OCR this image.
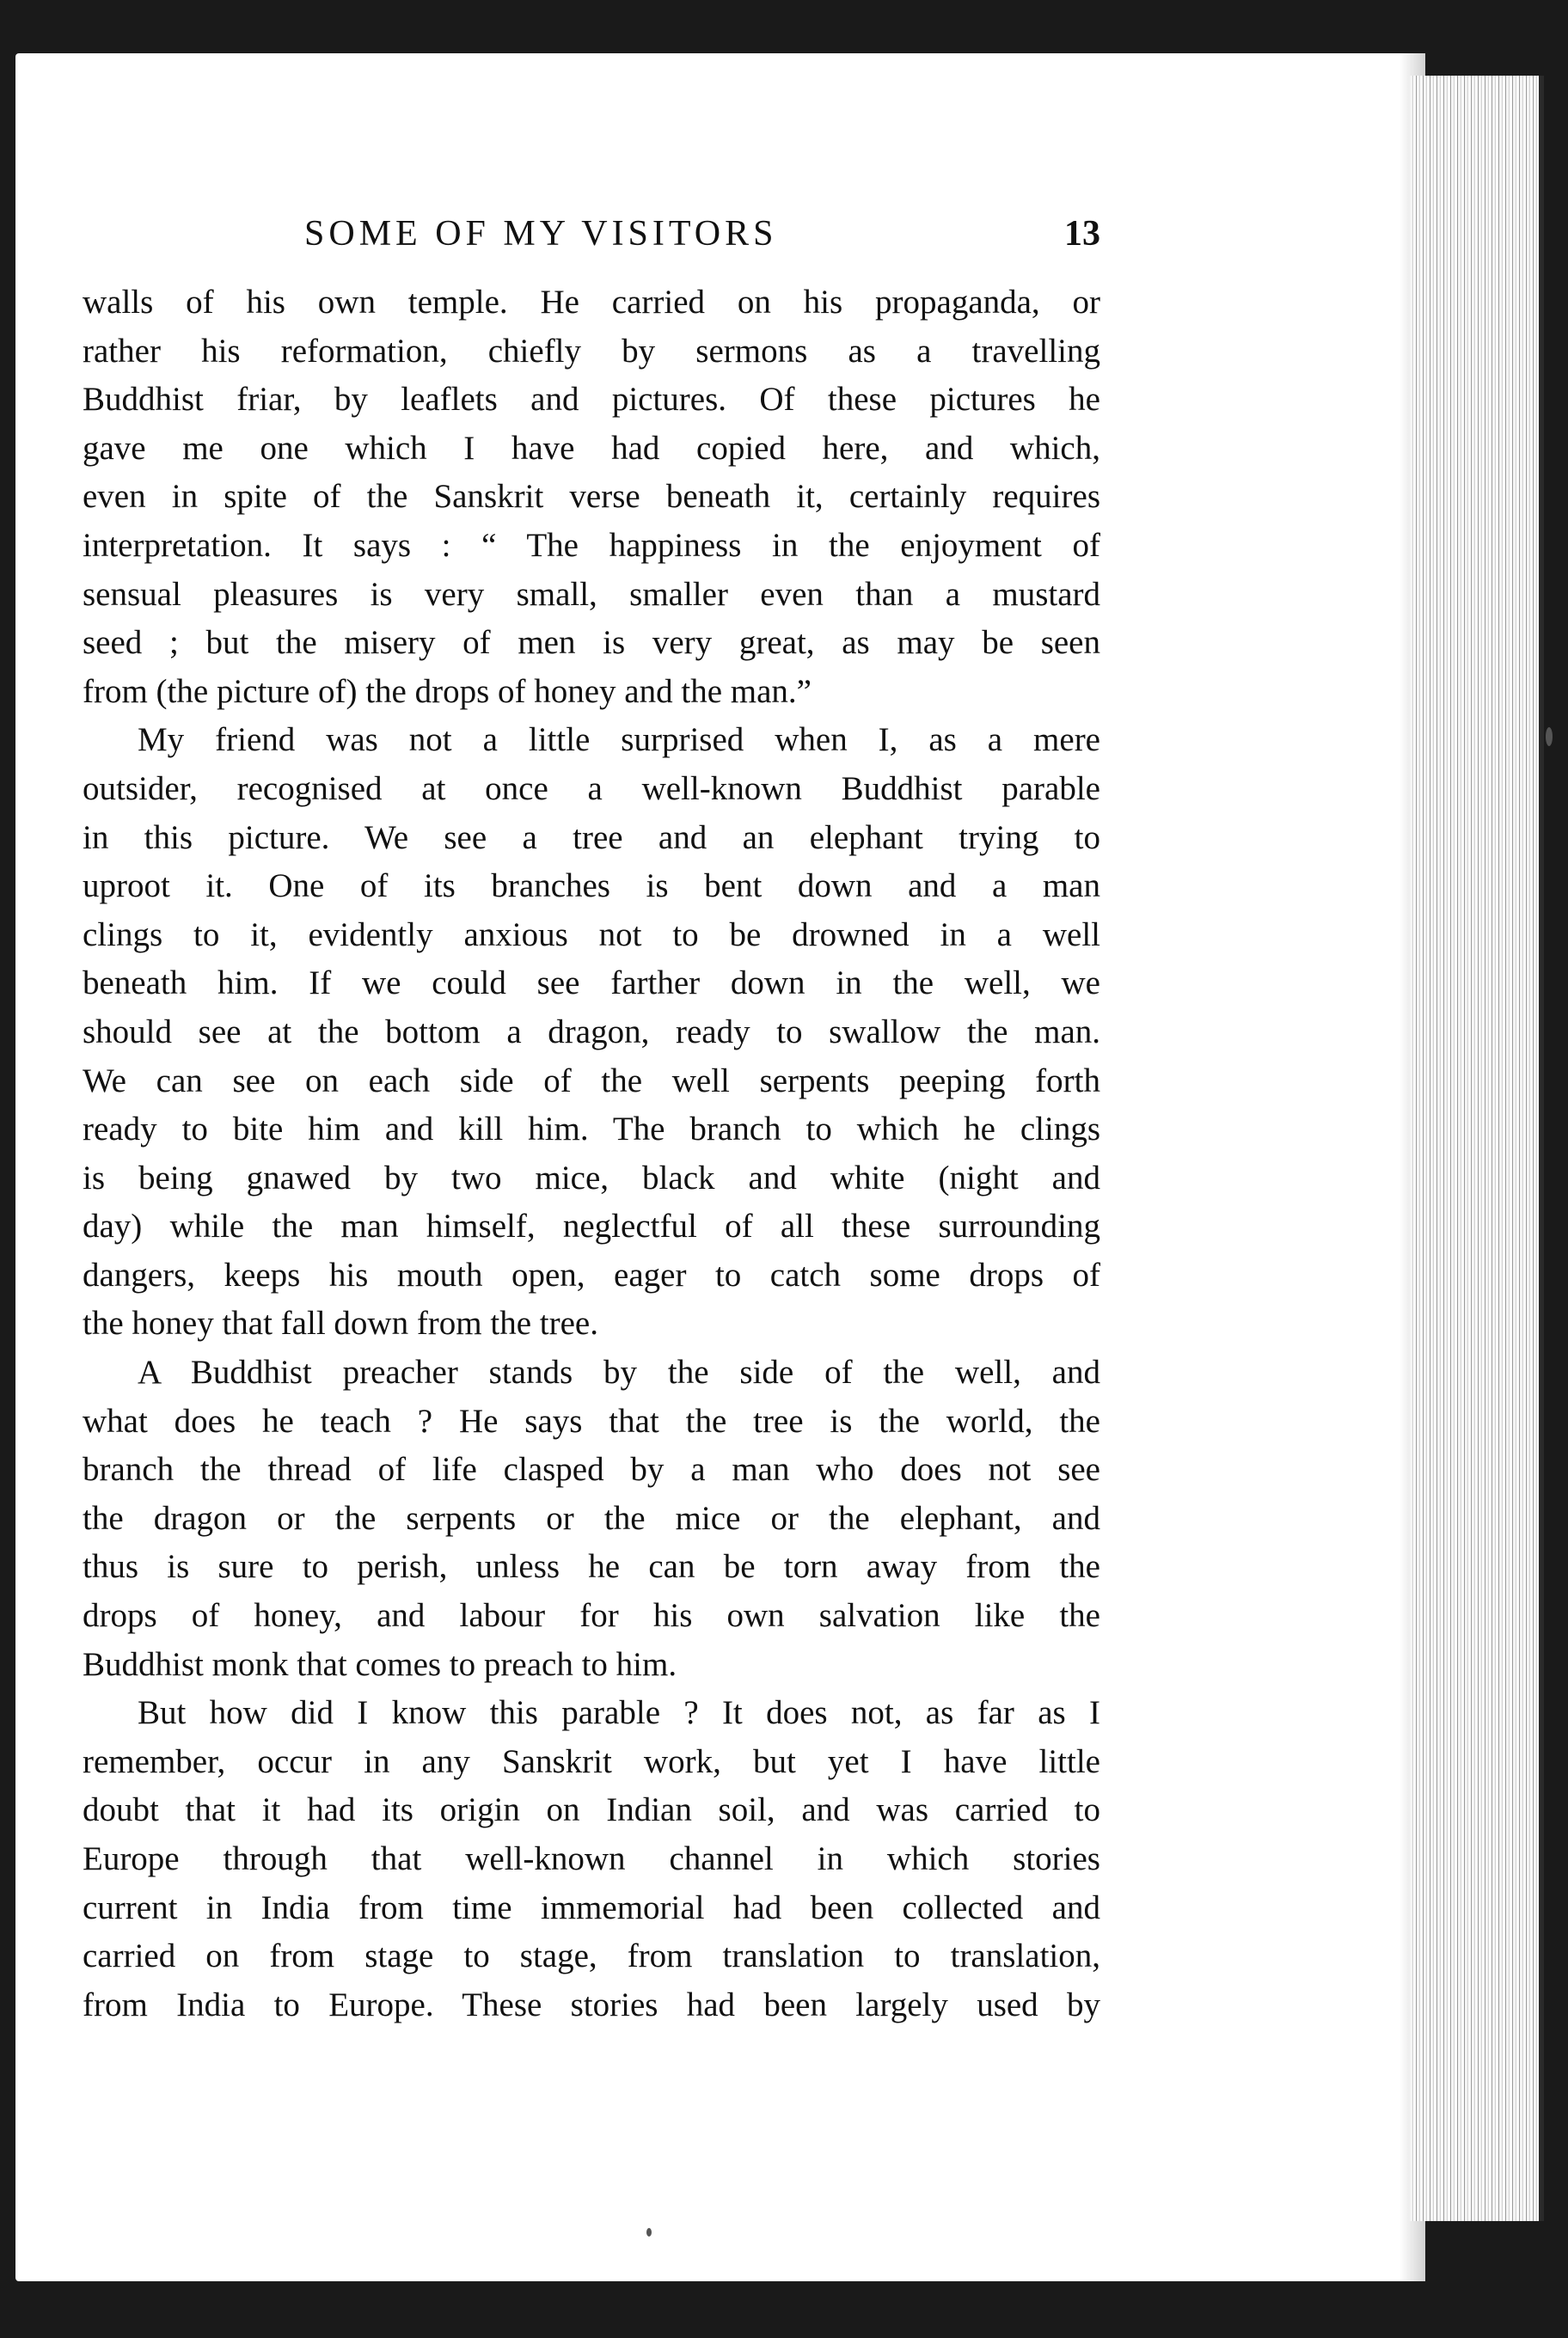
SOME OF MY VISITORS	13
walls of his own temple. He carried on his propaganda, or
rather his reformation, chiefly by sermons as a travelling
Buddhist friar, by leaflets and pictures. Of these pictures he
gave me one which I have had copied here, and which,
even in spite of the Sanskrit verse beneath it, certainly requires
interpretation. It says : “ The happiness in the enjoyment of
sensual pleasures is very small, smaller even than a mustard
seed ; but the misery of men is very great, as may be seen
from (the picture of) the drops of honey and the man.”
My friend was not a little surprised when I, as a mere
outsider, recognised at once a well-known Buddhist parable
in this picture. We see a tree and an elephant trying to
uproot it. One of its branches is bent down and a man
clings to it, evidently anxious not to be drowned in a well
beneath him. If we could see farther down in the well, we
should see at the bottom a dragon, ready to swallow the man.
We can see on each side of the well serpents peeping forth
ready to bite him and kill him. The branch to which he clings
is being gnawed by two mice, black and white (night and
day) while the man himself, neglectful of all these surrounding
dangers, keeps his mouth open, eager to catch some drops of
the honey that fall down from the tree.
A Buddhist preacher stands by the side of the well, and
what does he teach ? He says that the tree is the world, the
branch the thread of life clasped by a man who does not see
the dragon or the serpents or the mice or the elephant, and
thus is sure to perish, unless he can be torn away from the
drops of honey, and labour for his own salvation like the
Buddhist monk that comes to preach to him.
But how did I know this parable ? It does not, as far as I
remember, occur in any Sanskrit work, but yet I have little
doubt that it had its origin on Indian soil, and was carried to
Europe through that well-known channel in which stories
current in India from time immemorial had been collected and
carried on from stage to stage, from translation to translation,
from India to Europe. These stories had been largely used by
